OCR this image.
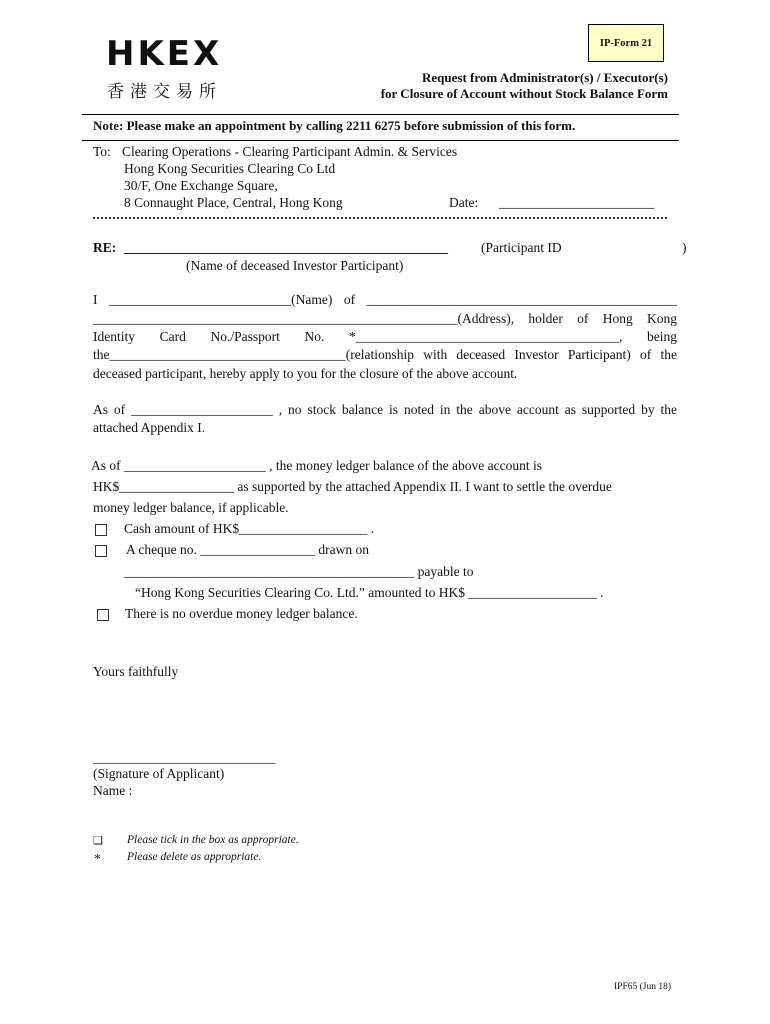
HKEX
香港交易所
IP-Form 21
Request from Administrator(s) / Executor(s)
for Closure of Account without Stock Balance Form
Note: Please make an appointment by calling 2211 6275 before submission of this form.
To: Clearing Operations - Clearing Participant Admin. & Services
Hong Kong Securities Clearing Co Ltd
30/F, One Exchange Square,
8 Connaught Place, Central, Hong Kong	Date: _______________________
RE: ________________________________________________ (Participant ID	)
(Name of deceased Investor Participant)
I ___________________________(Name) of ______________________________________________
______________________________________________________(Address), holder of Hong Kong
Identity Card No./Passport No. *_______________________________________, being
the___________________________________(relationship with deceased Investor Participant) of the
deceased participant, hereby apply to you for the closure of the above account.
As of _____________________ , no stock balance is noted in the above account as supported by the
attached Appendix I.
As of _____________________ , the money ledger balance of the above account is
HK$_________________ as supported by the attached Appendix II. I want to settle the overdue
money ledger balance, if applicable.
Cash amount of HK$___________________ .
A cheque no. _________________ drawn on
___________________________________________ payable to
“Hong Kong Securities Clearing Co. Ltd.” amounted to HK$ ___________________ .
There is no overdue money ledger balance.
Yours faithfully
___________________________
(Signature of Applicant)
Name :
❑ Please tick in the box as appropriate.
* Please delete as appropriate.
IPF65 (Jun 18)
